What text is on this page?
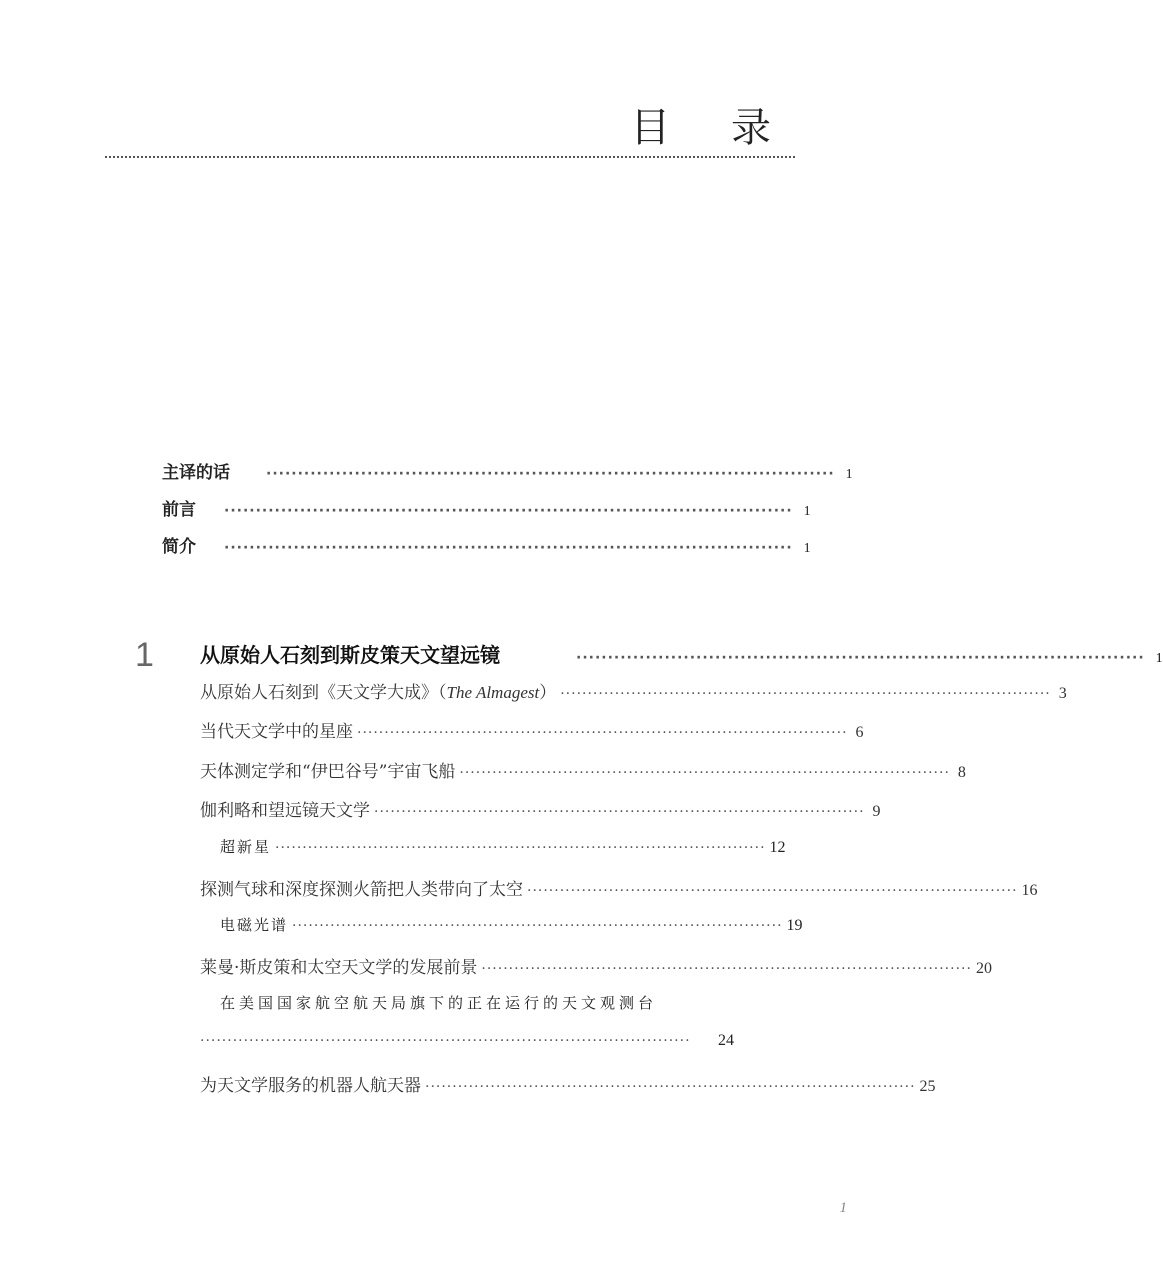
目 录
主译的话	·························································································· 1
前言	·························································································· 1
简介	·························································································· 1
1 从原始人石刻到斯皮策天文望远镜	·························································································· 1
从原始人石刻到《天文学大成》（The Almagest） ·························································································· 3
当代天文学中的星座 ·························································································· 6
天体测定学和“伊巴谷号”宇宙飞船 ·························································································· 8
伽利略和望远镜天文学 ·························································································· 9
超新星 ·························································································· 12
探测气球和深度探测火箭把人类带向了太空 ·························································································· 16
电磁光谱 ·························································································· 19
莱曼·斯皮策和太空天文学的发展前景 ·························································································· 20
在美国国家航空航天局旗下的正在运行的天文观测台
··························································································	24
为天文学服务的机器人航天器 ·························································································· 25
1
